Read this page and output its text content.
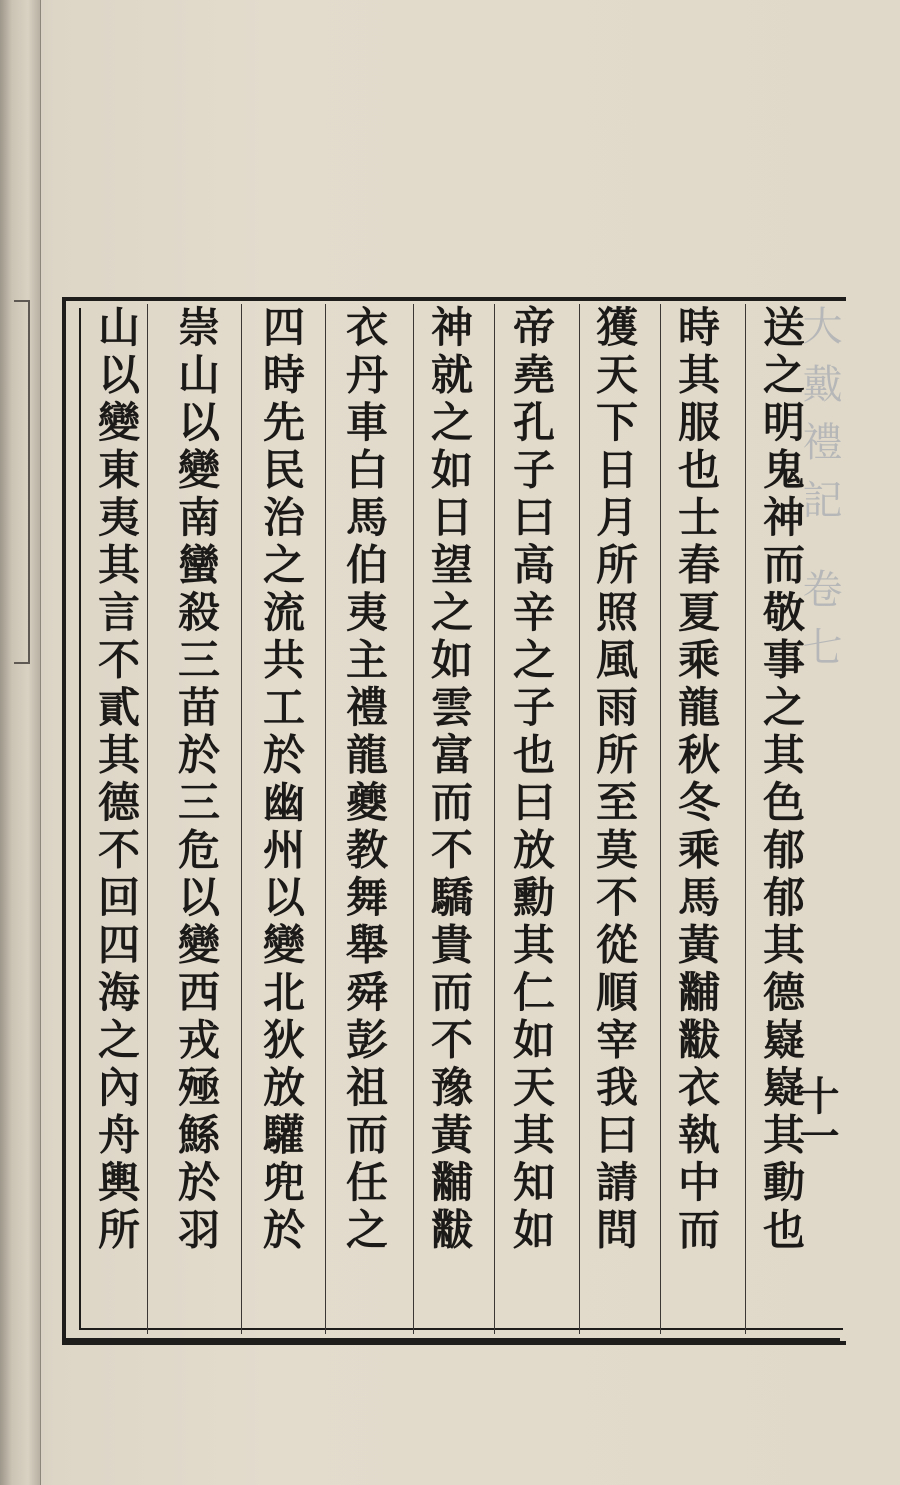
大戴禮記 卷七
送之明鬼神而敬事之其色郁郁其德嶷嶷其動也
時其服也士春夏乘龍秋冬乘馬黃黼黻衣執中而
獲天下日月所照風雨所至莫不從順宰我曰請問
帝堯孔子曰高辛之子也曰放勳其仁如天其知如
神就之如日望之如雲富而不驕貴而不豫黃黼黻
衣丹車白馬伯夷主禮龍夔教舞舉舜彭祖而任之
四時先民治之流共工於幽州以變北狄放驩兜於
崇山以變南蠻殺三苗於三危以變西戎殛鯀於羽
山以變東夷其言不貳其德不回四海之內舟輿所	十一
